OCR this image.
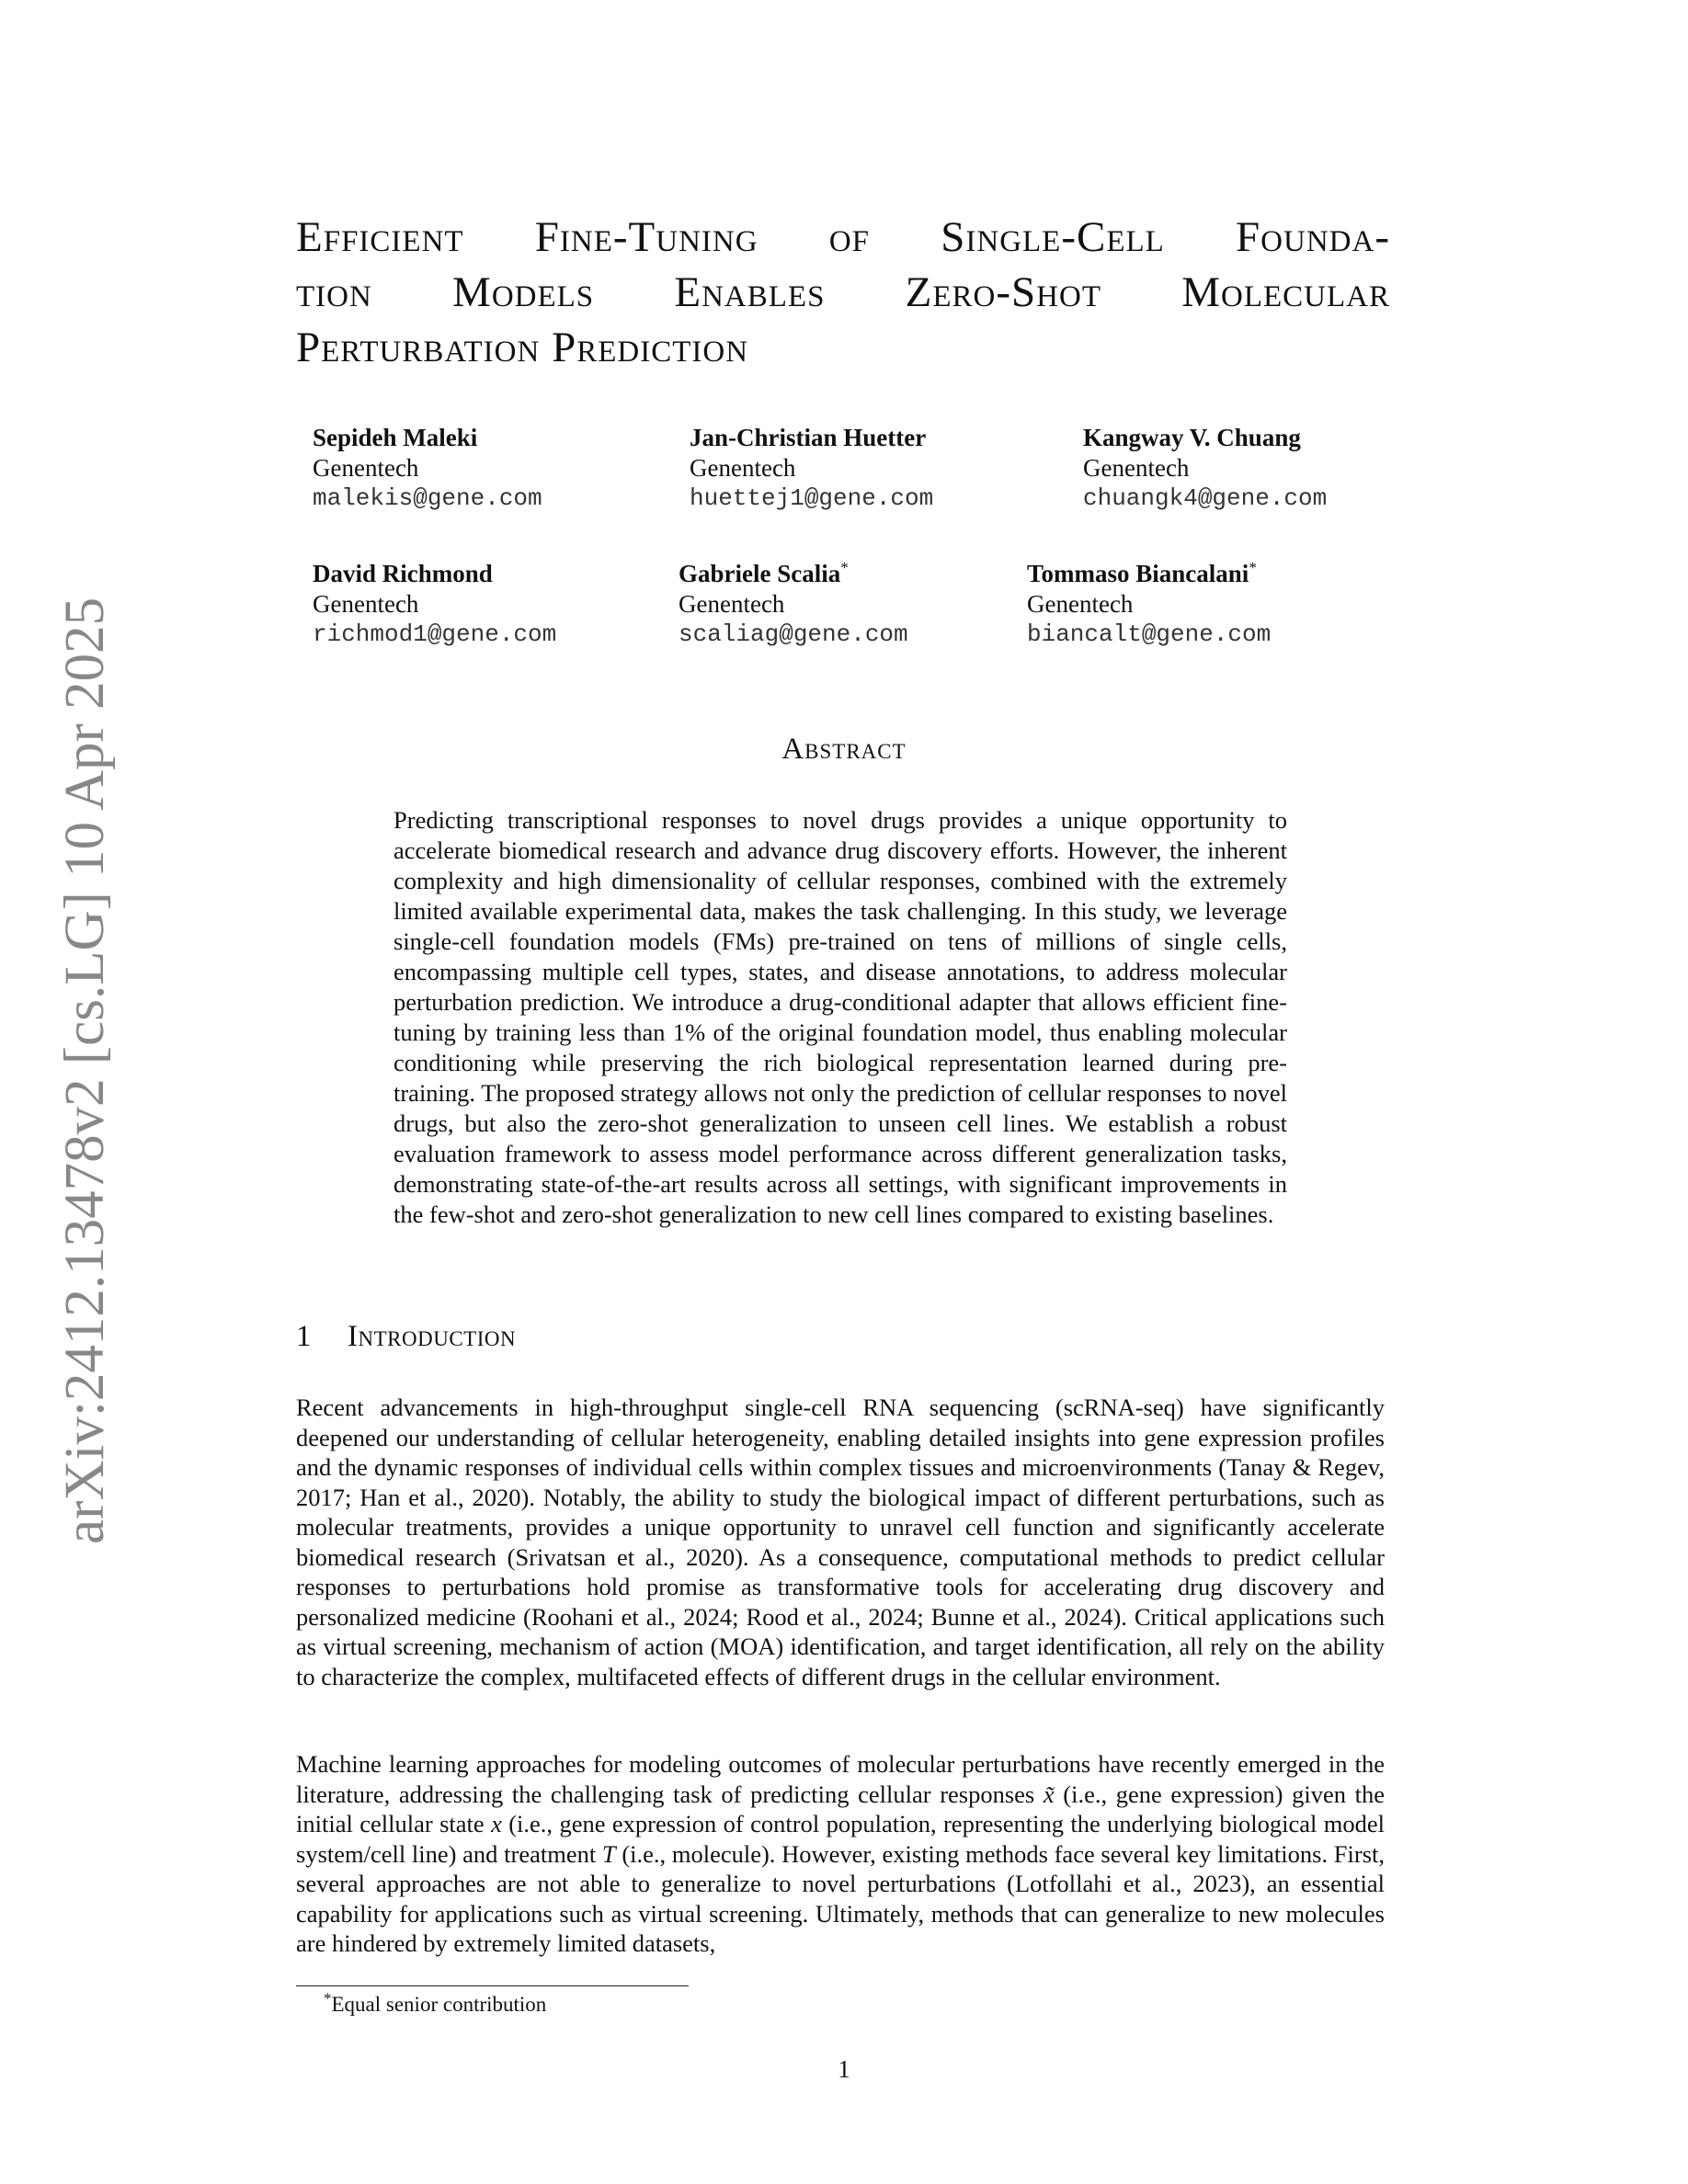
arXiv:2412.13478v2 [cs.LG] 10 Apr 2025
Efficient Fine-Tuning of Single-Cell Founda-
tion Models Enables Zero-Shot Molecular
Perturbation Prediction
Sepideh Maleki
Genentech
malekis@gene.com
Jan-Christian Huetter
Genentech
huettej1@gene.com
Kangway V. Chuang
Genentech
chuangk4@gene.com
David Richmond
Genentech
richmod1@gene.com
Gabriele Scalia*
Genentech
scaliag@gene.com
Tommaso Biancalani*
Genentech
biancalt@gene.com
Abstract
Predicting transcriptional responses to novel drugs provides a unique opportunity to accelerate biomedical research and advance drug discovery efforts. However, the inherent complexity and high dimensionality of cellular responses, combined with the extremely limited available experimental data, makes the task challenging. In this study, we leverage single-cell foundation models (FMs) pre-trained on tens of millions of single cells, encompassing multiple cell types, states, and disease annotations, to address molecular perturbation prediction. We introduce a drug-conditional adapter that allows efficient fine-tuning by training less than 1% of the original foundation model, thus enabling molecular conditioning while preserving the rich biological representation learned during pre-training. The proposed strategy allows not only the prediction of cellular responses to novel drugs, but also the zero-shot generalization to unseen cell lines. We establish a robust evaluation framework to assess model performance across different generalization tasks, demonstrating state-of-the-art results across all settings, with significant improvements in the few-shot and zero-shot generalization to new cell lines compared to existing baselines.
1 Introduction
Recent advancements in high-throughput single-cell RNA sequencing (scRNA-seq) have significantly deepened our understanding of cellular heterogeneity, enabling detailed insights into gene expression profiles and the dynamic responses of individual cells within complex tissues and microenvironments (Tanay & Regev, 2017; Han et al., 2020). Notably, the ability to study the biological impact of different perturbations, such as molecular treatments, provides a unique opportunity to unravel cell function and significantly accelerate biomedical research (Srivatsan et al., 2020). As a consequence, computational methods to predict cellular responses to perturbations hold promise as transformative tools for accelerating drug discovery and personalized medicine (Roohani et al., 2024; Rood et al., 2024; Bunne et al., 2024). Critical applications such as virtual screening, mechanism of action (MOA) identification, and target identification, all rely on the ability to characterize the complex, multifaceted effects of different drugs in the cellular environment.
Machine learning approaches for modeling outcomes of molecular perturbations have recently emerged in the literature, addressing the challenging task of predicting cellular responses x̃ (i.e., gene expression) given the initial cellular state x (i.e., gene expression of control population, representing the underlying biological model system/cell line) and treatment T (i.e., molecule). However, existing methods face several key limitations. First, several approaches are not able to generalize to novel perturbations (Lotfollahi et al., 2023), an essential capability for applications such as virtual screening. Ultimately, methods that can generalize to new molecules are hindered by extremely limited datasets,
*Equal senior contribution
1
